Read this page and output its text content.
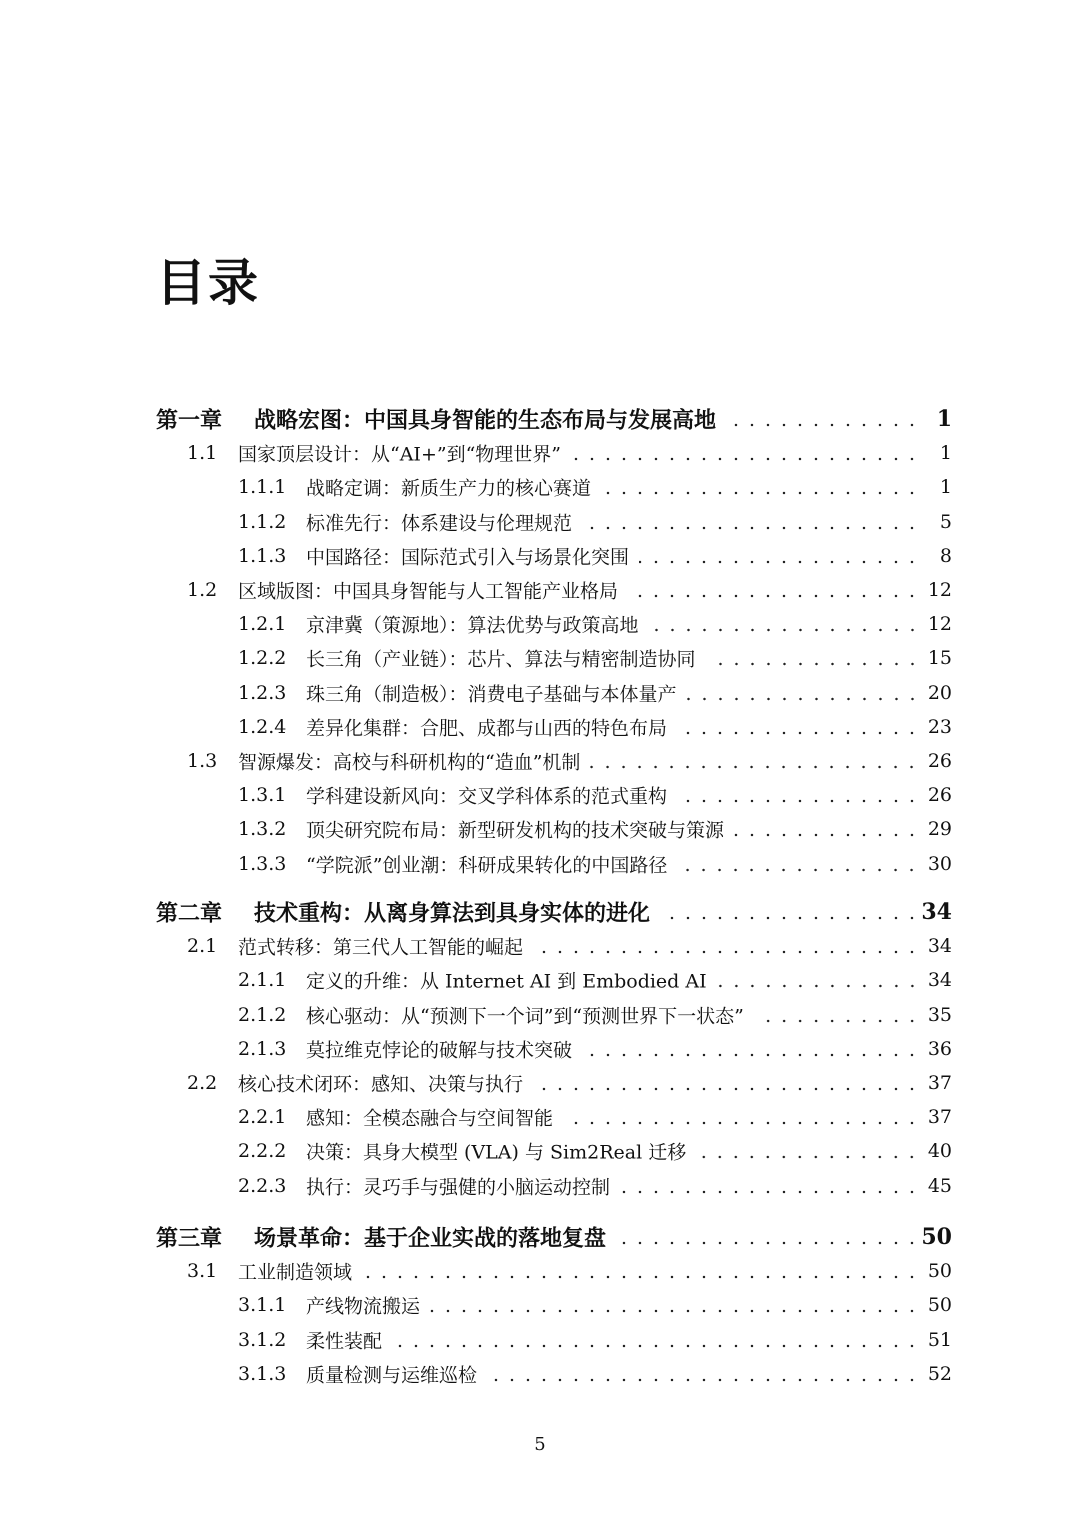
目录
第一章 战略宏图：中国具身智能的生态布局与发展高地	1
1.1 国家顶层设计：从“AI+”到“物理世界”	1
1.1.1 战略定调：新质生产力的核心赛道	1
1.1.2 标准先行：体系建设与伦理规范	5
1.1.3 中国路径：国际范式引入与场景化突围	8
1.2 区域版图：中国具身智能与人工智能产业格局	12
1.2.1 京津冀（策源地）：算法优势与政策高地	12
1.2.2 长三角（产业链）：芯片、算法与精密制造协同	15
1.2.3 珠三角（制造极）：消费电子基础与本体量产	20
1.2.4 差异化集群：合肥、成都与山西的特色布局	23
1.3 智源爆发：高校与科研机构的“造血”机制	26
1.3.1 学科建设新风向：交叉学科体系的范式重构	26
1.3.2 顶尖研究院布局：新型研发机构的技术突破与策源	29
1.3.3 “学院派”创业潮：科研成果转化的中国路径	30
第二章 技术重构：从离身算法到具身实体的进化	34
2.1 范式转移：第三代人工智能的崛起	34
2.1.1 定义的升维：从 Internet AI 到 Embodied AI	34
2.1.2 核心驱动：从“预测下一个词”到“预测世界下一状态”	35
2.1.3 莫拉维克悖论的破解与技术突破	36
2.2 核心技术闭环：感知、决策与执行	37
2.2.1 感知：全模态融合与空间智能	37
2.2.2 决策：具身大模型 (VLA) 与 Sim2Real 迁移	40
2.2.3 执行：灵巧手与强健的小脑运动控制	45
第三章 场景革命：基于企业实战的落地复盘	50
3.1 工业制造领域	50
3.1.1 产线物流搬运	50
3.1.2 柔性装配	51
3.1.3 质量检测与运维巡检	52
5
